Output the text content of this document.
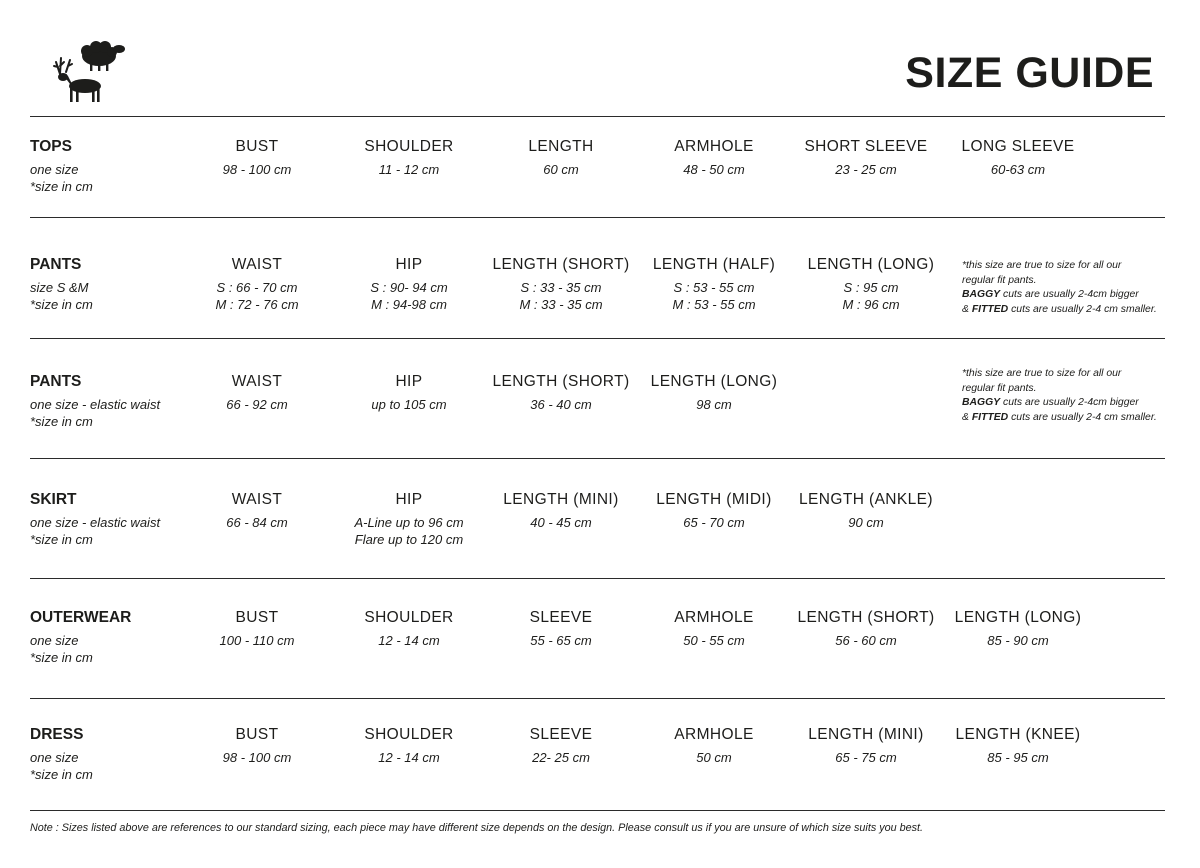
SIZE GUIDE
TOPS
one size
*size in cm
BUST
98 - 100 cm
SHOULDER
11 - 12 cm
LENGTH
60 cm
ARMHOLE
48 - 50 cm
SHORT SLEEVE
23 - 25 cm
LONG SLEEVE
60-63 cm
PANTS
size S &M
*size in cm
WAIST
S : 66 - 70 cm
M : 72 - 76 cm
HIP
S : 90- 94 cm
M : 94-98 cm
LENGTH (SHORT)
S : 33 - 35 cm
M : 33 - 35 cm
LENGTH (HALF)
S : 53 - 55 cm
M : 53 - 55 cm
LENGTH (LONG)
S : 95 cm
M : 96 cm
*this size are true to size for all our
regular fit pants.
BAGGY cuts are usually 2-4cm bigger
& FITTED cuts are usually 2-4 cm smaller.
PANTS
one size - elastic waist
*size in cm
WAIST
66 - 92 cm
HIP
up to 105 cm
LENGTH (SHORT)
36 - 40 cm
LENGTH (LONG)
98 cm
*this size are true to size for all our
regular fit pants.
BAGGY cuts are usually 2-4cm bigger
& FITTED cuts are usually 2-4 cm smaller.
SKIRT
one size - elastic waist
*size in cm
WAIST
66 - 84 cm
HIP
A-Line up to 96 cm
Flare up to 120 cm
LENGTH (MINI)
40 - 45 cm
LENGTH (MIDI)
65 - 70 cm
LENGTH (ANKLE)
90 cm
OUTERWEAR
one size
*size in cm
BUST
100 - 110 cm
SHOULDER
12 - 14 cm
SLEEVE
55 - 65 cm
ARMHOLE
50 - 55 cm
LENGTH (SHORT)
56 - 60 cm
LENGTH (LONG)
85 - 90 cm
DRESS
one size
*size in cm
BUST
98 - 100 cm
SHOULDER
12 - 14 cm
SLEEVE
22- 25 cm
ARMHOLE
50 cm
LENGTH (MINI)
65 - 75 cm
LENGTH (KNEE)
85 - 95 cm
Note : Sizes listed above are references to our standard sizing, each piece may have different size depends on the design. Please consult us if you are unsure of which size suits you best.
